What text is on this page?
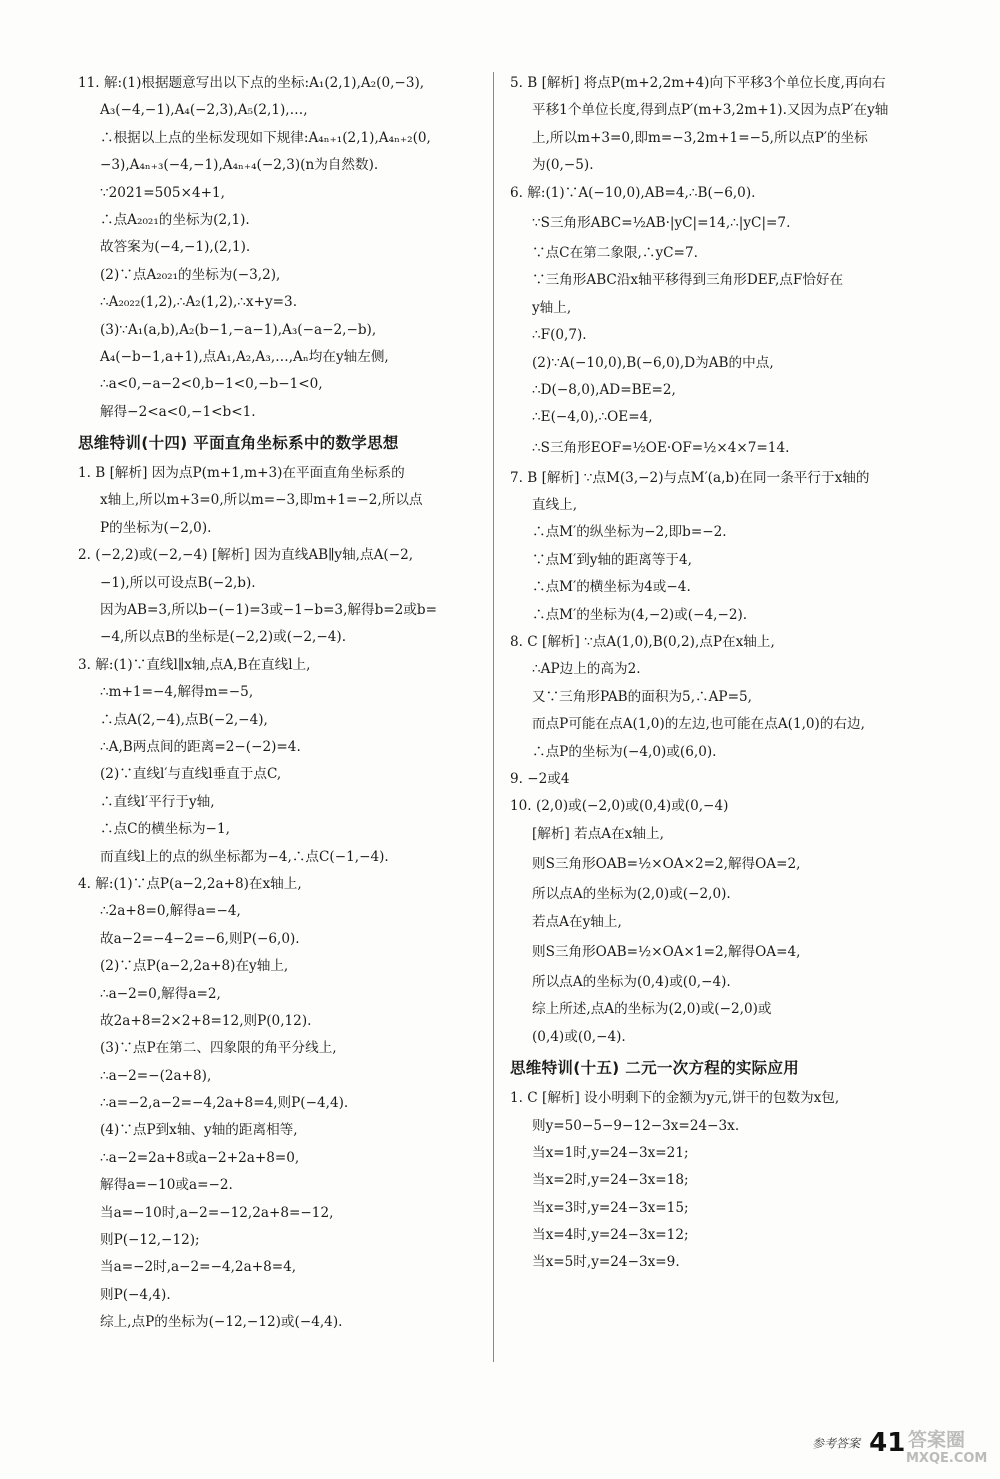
11. 解:(1)根据题意写出以下点的坐标:A₁(2,1),A₂(0,−3),
A₃(−4,−1),A₄(−2,3),A₅(2,1),…,
∴根据以上点的坐标发现如下规律:A₄ₙ₊₁(2,1),A₄ₙ₊₂(0,
−3),A₄ₙ₊₃(−4,−1),A₄ₙ₊₄(−2,3)(n为自然数).
∵2021=505×4+1,
∴点A₂₀₂₁的坐标为(2,1).
故答案为(−4,−1),(2,1).
(2)∵点A₂₀₂₁的坐标为(−3,2),
∴A₂₀₂₂(1,2),∴A₂(1,2),∴x+y=3.
(3)∵A₁(a,b),A₂(b−1,−a−1),A₃(−a−2,−b),
A₄(−b−1,a+1),点A₁,A₂,A₃,…,Aₙ均在y轴左侧,
∴a<0,−a−2<0,b−1<0,−b−1<0,
解得−2<a<0,−1<b<1.
思维特训(十四) 平面直角坐标系中的数学思想
1. B [解析] 因为点P(m+1,m+3)在平面直角坐标系的
x轴上,所以m+3=0,所以m=−3,即m+1=−2,所以点
P的坐标为(−2,0).
2. (−2,2)或(−2,−4) [解析] 因为直线AB∥y轴,点A(−2,
−1),所以可设点B(−2,b).
因为AB=3,所以b−(−1)=3或−1−b=3,解得b=2或b=
−4,所以点B的坐标是(−2,2)或(−2,−4).
3. 解:(1)∵直线l∥x轴,点A,B在直线l上,
∴m+1=−4,解得m=−5,
∴点A(2,−4),点B(−2,−4),
∴A,B两点间的距离=2−(−2)=4.
(2)∵直线l′与直线l垂直于点C,
∴直线l′平行于y轴,
∴点C的横坐标为−1,
而直线l上的点的纵坐标都为−4,∴点C(−1,−4).
4. 解:(1)∵点P(a−2,2a+8)在x轴上,
∴2a+8=0,解得a=−4,
故a−2=−4−2=−6,则P(−6,0).
(2)∵点P(a−2,2a+8)在y轴上,
∴a−2=0,解得a=2,
故2a+8=2×2+8=12,则P(0,12).
(3)∵点P在第二、四象限的角平分线上,
∴a−2=−(2a+8),
∴a=−2,a−2=−4,2a+8=4,则P(−4,4).
(4)∵点P到x轴、y轴的距离相等,
∴a−2=2a+8或a−2+2a+8=0,
解得a=−10或a=−2.
当a=−10时,a−2=−12,2a+8=−12,
则P(−12,−12);
当a=−2时,a−2=−4,2a+8=4,
则P(−4,4).
综上,点P的坐标为(−12,−12)或(−4,4).
5. B [解析] 将点P(m+2,2m+4)向下平移3个单位长度,再向右
平移1个单位长度,得到点P′(m+3,2m+1).又因为点P′在y轴
上,所以m+3=0,即m=−3,2m+1=−5,所以点P′的坐标
为(0,−5).
6. 解:(1)∵A(−10,0),AB=4,∴B(−6,0).
∵S三角形ABC=½AB·|yC|=14,∴|yC|=7.
∵点C在第二象限,∴yC=7.
∵三角形ABC沿x轴平移得到三角形DEF,点F恰好在
y轴上,
∴F(0,7).
(2)∵A(−10,0),B(−6,0),D为AB的中点,
∴D(−8,0),AD=BE=2,
∴E(−4,0),∴OE=4,
∴S三角形EOF=½OE·OF=½×4×7=14.
7. B [解析] ∵点M(3,−2)与点M′(a,b)在同一条平行于x轴的
直线上,
∴点M′的纵坐标为−2,即b=−2.
∵点M′到y轴的距离等于4,
∴点M′的横坐标为4或−4.
∴点M′的坐标为(4,−2)或(−4,−2).
8. C [解析] ∵点A(1,0),B(0,2),点P在x轴上,
∴AP边上的高为2.
又∵三角形PAB的面积为5,∴AP=5,
而点P可能在点A(1,0)的左边,也可能在点A(1,0)的右边,
∴点P的坐标为(−4,0)或(6,0).
9. −2或4
10. (2,0)或(−2,0)或(0,4)或(0,−4)
[解析] 若点A在x轴上,
则S三角形OAB=½×OA×2=2,解得OA=2,
所以点A的坐标为(2,0)或(−2,0).
若点A在y轴上,
则S三角形OAB=½×OA×1=2,解得OA=4,
所以点A的坐标为(0,4)或(0,−4).
综上所述,点A的坐标为(2,0)或(−2,0)或
(0,4)或(0,−4).
思维特训(十五) 二元一次方程的实际应用
1. C [解析] 设小明剩下的金额为y元,饼干的包数为x包,
则y=50−5−9−12−3x=24−3x.
当x=1时,y=24−3x=21;
当x=2时,y=24−3x=18;
当x=3时,y=24−3x=15;
当x=4时,y=24−3x=12;
当x=5时,y=24−3x=9.
参考答案 41 答案圈
MXQE.COM
